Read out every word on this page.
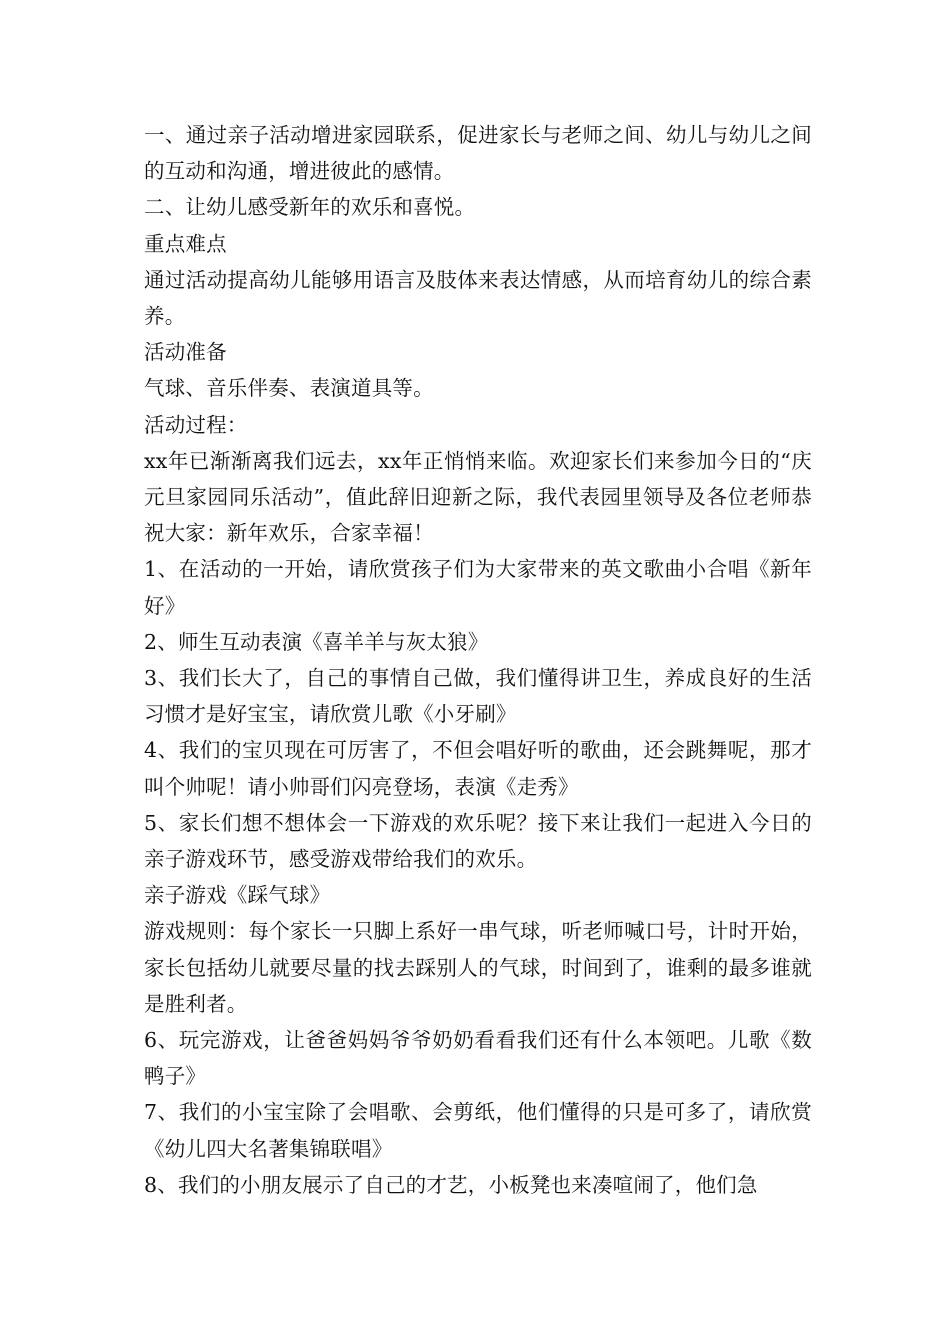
一、通过亲子活动增进家园联系，促进家长与老师之间、幼儿与幼儿之间的互动和沟通，增进彼此的感情。

二、让幼儿感受新年的欢乐和喜悦。

重点难点

通过活动提高幼儿能够用语言及肢体来表达情感，从而培育幼儿的综合素养。

活动准备

气球、音乐伴奏、表演道具等。

活动过程：

xx年已渐渐离我们远去，xx年正悄悄来临。欢迎家长们来参加今日的“庆元旦家园同乐活动”，值此辞旧迎新之际，我代表园里领导及各位老师恭祝大家：新年欢乐，合家幸福！

1、在活动的一开始，请欣赏孩子们为大家带来的英文歌曲小合唱《新年好》

2、师生互动表演《喜羊羊与灰太狼》

3、我们长大了，自己的事情自己做，我们懂得讲卫生，养成良好的生活习惯才是好宝宝，请欣赏儿歌《小牙刷》

4、我们的宝贝现在可厉害了，不但会唱好听的歌曲，还会跳舞呢，那才叫个帅呢！请小帅哥们闪亮登场，表演《走秀》

5、家长们想不想体会一下游戏的欢乐呢？接下来让我们一起进入今日的亲子游戏环节，感受游戏带给我们的欢乐。

亲子游戏《踩气球》

游戏规则：每个家长一只脚上系好一串气球，听老师喊口号，计时开始，家长包括幼儿就要尽量的找去踩别人的气球，时间到了，谁剩的最多谁就是胜利者。

6、玩完游戏，让爸爸妈妈爷爷奶奶看看我们还有什么本领吧。儿歌《数鸭子》

7、我们的小宝宝除了会唱歌、会剪纸，他们懂得的只是可多了，请欣赏《幼儿四大名著集锦联唱》

8、我们的小朋友展示了自己的才艺，小板凳也来凑喧闹了，他们急
